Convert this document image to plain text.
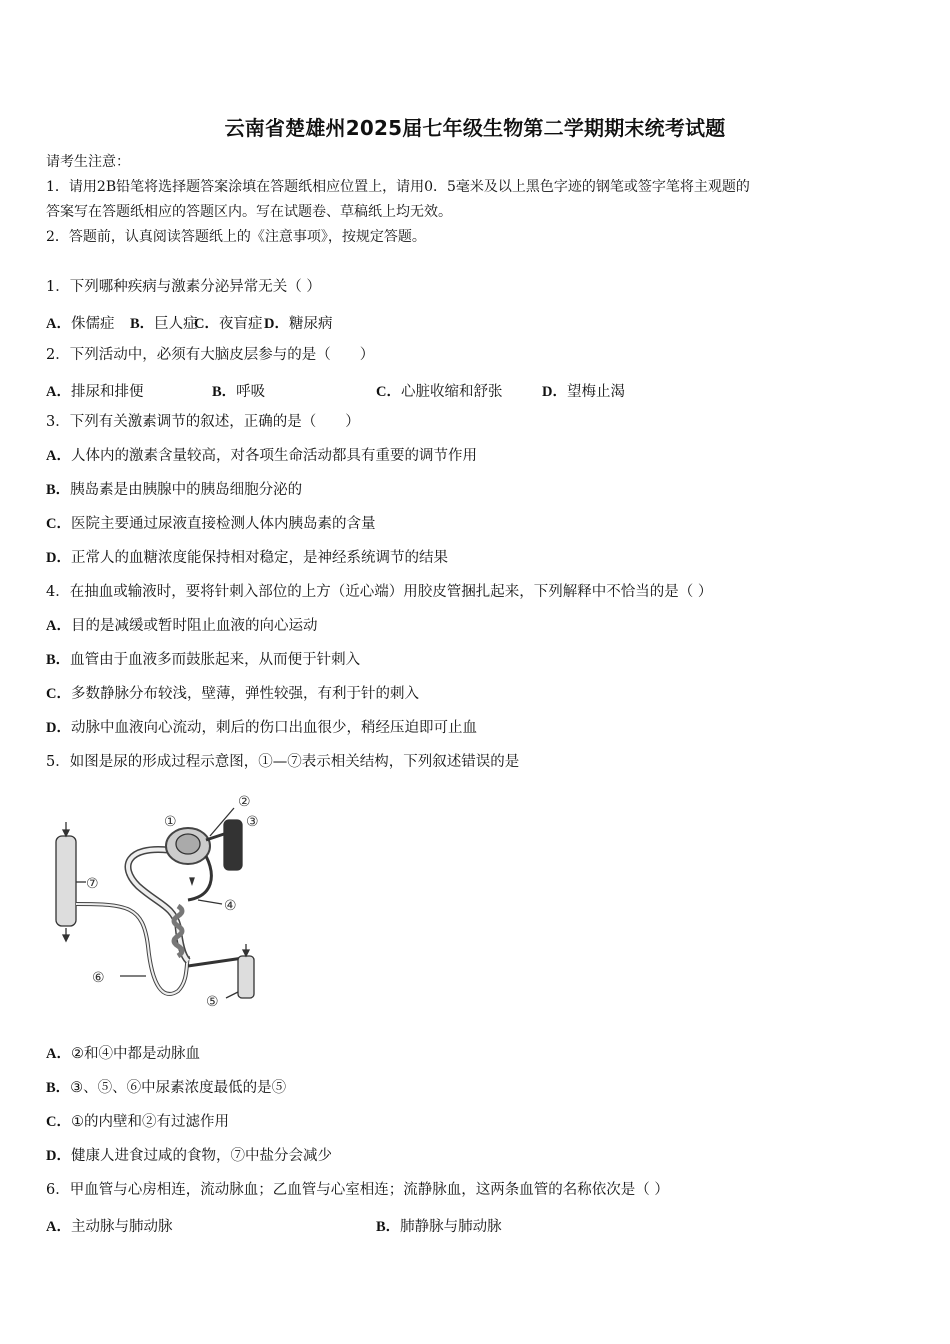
云南省楚雄州2025届七年级生物第二学期期末统考试题
请考生注意：
1．请用2B铅笔将选择题答案涂填在答题纸相应位置上，请用0．5毫米及以上黑色字迹的钢笔或签字笔将主观题的
答案写在答题纸相应的答题区内。写在试题卷、草稿纸上均无效。
2．答题前，认真阅读答题纸上的《注意事项》，按规定答题。
1．下列哪种疾病与激素分泌异常无关（ ）
A．侏儒症 B．巨人症
C．夜盲症 D．糖尿病
2．下列活动中，必须有大脑皮层参与的是（　　）
A．排尿和排便	B．呼吸	C．心脏收缩和舒张	D．望梅止渴
3．下列有关激素调节的叙述，正确的是（　　）
A．人体内的激素含量较高，对各项生命活动都具有重要的调节作用
B．胰岛素是由胰腺中的胰岛细胞分泌的
C．医院主要通过尿液直接检测人体内胰岛素的含量
D．正常人的血糖浓度能保持相对稳定，是神经系统调节的结果
4．在抽血或输液时，要将针刺入部位的上方（近心端）用胶皮管捆扎起来，下列解释中不恰当的是（ ）
A．目的是减缓或暂时阻止血液的向心运动
B．血管由于血液多而鼓胀起来，从而便于针刺入
C．多数静脉分布较浅，壁薄，弹性较强，有利于针的刺入
D．动脉中血液向心流动，刺后的伤口出血很少，稍经压迫即可止血
5．如图是尿的形成过程示意图，①—⑦表示相关结构，下列叙述错误的是
①
②
③
④
⑤
⑥
⑦
A．②和④中都是动脉血
B．③、⑤、⑥中尿素浓度最低的是⑤
C．①的内壁和②有过滤作用
D．健康人进食过咸的食物，⑦中盐分会减少
6．甲血管与心房相连，流动脉血；乙血管与心室相连；流静脉血，这两条血管的名称依次是（ ）
A．主动脉与肺动脉	B．肺静脉与肺动脉
